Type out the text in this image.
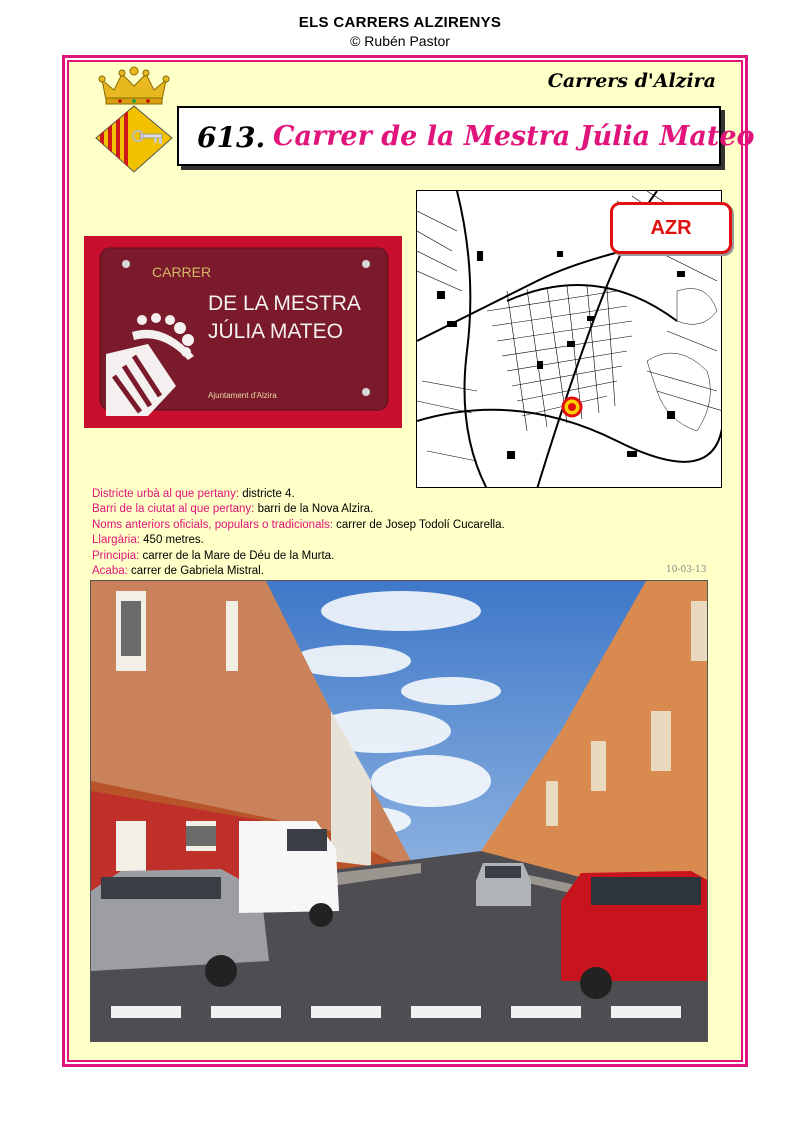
ELS CARRERS ALZIRENYS
© Rubén Pastor
Carrers d'Alzira
613. Carrer de la Mestra Júlia Mateo
CARRER
DE LA MESTRA
JÚLIA MATEO
Ajuntament d'Alzira
AZR
Districte urbà al que pertany: districte 4.
Barri de la ciutat al que pertany: barri de la Nova Alzira.
Noms anteriors oficials, populars o tradicionals: carrer de Josep Todolí Cucarella.
Llargària: 450 metres.
Principia: carrer de la Mare de Déu de la Murta.
Acaba: carrer de Gabriela Mistral.	10-03-13
